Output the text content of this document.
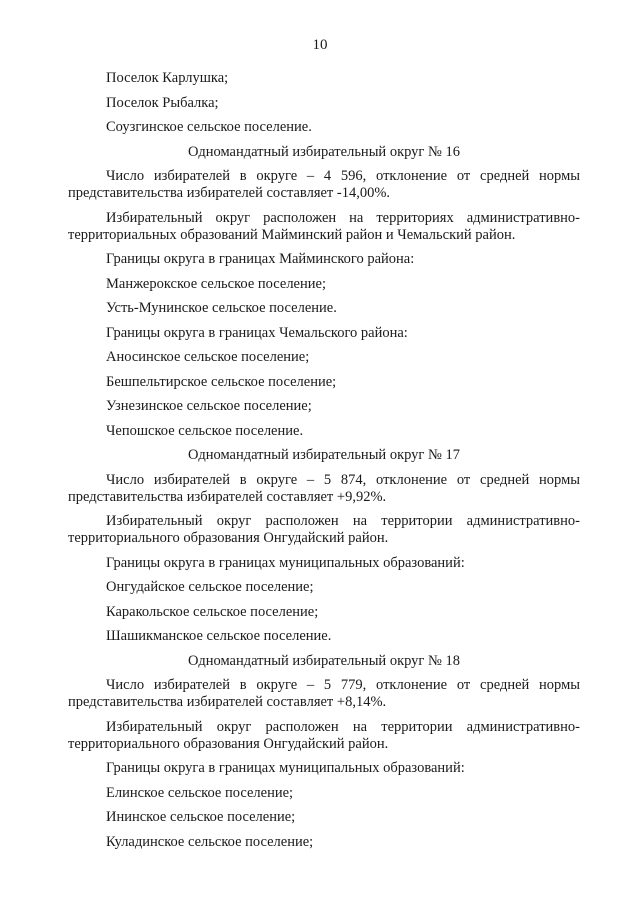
10

Поселок Карлушка;

Поселок Рыбалка;

Соузгинское сельское поселение.

Одномандатный избирательный округ № 16

Число избирателей в округе – 4 596, отклонение от средней нормы представительства избирателей составляет -14,00%.

Избирательный округ расположен на территориях административно-территориальных образований Майминский район и Чемальский район.

Границы округа в границах Майминского района:

Манжерокское сельское поселение;

Усть-Мунинское сельское поселение.

Границы округа в границах Чемальского района:

Аносинское сельское поселение;

Бешпельтирское сельское поселение;

Узнезинское сельское поселение;

Чепошское сельское поселение.

Одномандатный избирательный округ № 17

Число избирателей в округе – 5 874, отклонение от средней нормы представительства избирателей составляет +9,92%.

Избирательный округ расположен на территории административно-территориального образования Онгудайский район.

Границы округа в границах муниципальных образований:

Онгудайское сельское поселение;

Каракольское сельское поселение;

Шашикманское сельское поселение.

Одномандатный избирательный округ № 18

Число избирателей в округе – 5 779, отклонение от средней нормы представительства избирателей составляет +8,14%.

Избирательный округ расположен на территории административно-территориального образования Онгудайский район.

Границы округа в границах муниципальных образований:

Елинское сельское поселение;

Ининское сельское поселение;

Куладинское сельское поселение;
